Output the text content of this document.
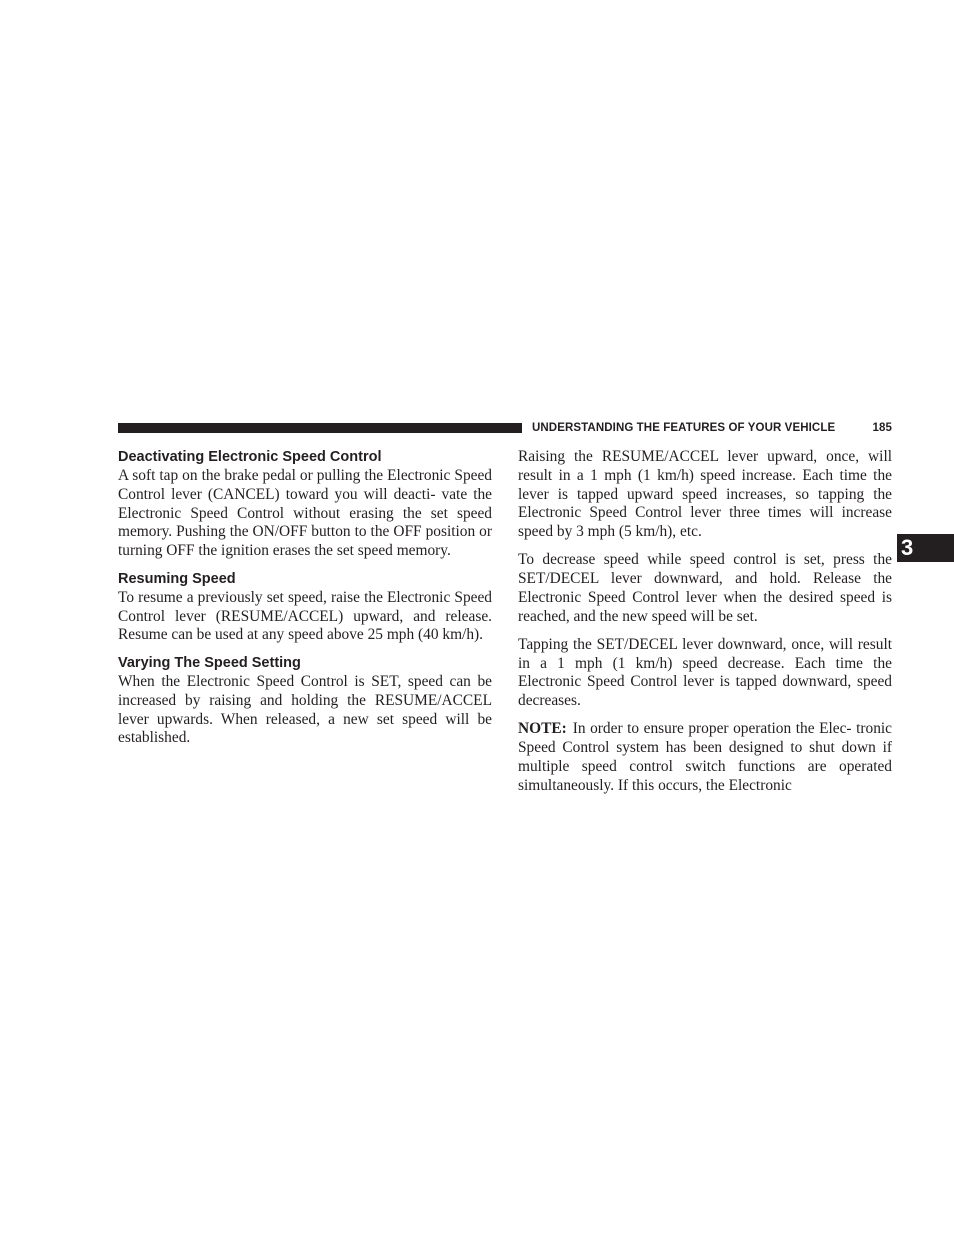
UNDERSTANDING THE FEATURES OF YOUR VEHICLE	185
Deactivating Electronic Speed Control

A soft tap on the brake pedal or pulling the Electronic Speed Control lever (CANCEL) toward you will deacti- vate the Electronic Speed Control without erasing the set speed memory. Pushing the ON/OFF button to the OFF position or turning OFF the ignition erases the set speed memory.

Resuming Speed

To resume a previously set speed, raise the Electronic Speed Control lever (RESUME/ACCEL) upward, and release. Resume can be used at any speed above 25 mph (40 km/h).

Varying The Speed Setting

When the Electronic Speed Control is SET, speed can be increased by raising and holding the RESUME/ACCEL lever upwards. When released, a new set speed will be established.

Raising the RESUME/ACCEL lever upward, once, will result in a 1 mph (1 km/h) speed increase. Each time the lever is tapped upward speed increases, so tapping the Electronic Speed Control lever three times will increase speed by 3 mph (5 km/h), etc.

To decrease speed while speed control is set, press the SET/DECEL lever downward, and hold. Release the Electronic Speed Control lever when the desired speed is reached, and the new speed will be set.

Tapping the SET/DECEL lever downward, once, will result in a 1 mph (1 km/h) speed decrease. Each time the Electronic Speed Control lever is tapped downward, speed decreases.

NOTE: In order to ensure proper operation the Elec- tronic Speed Control system has been designed to shut down if multiple speed control switch functions are operated simultaneously. If this occurs, the Electronic

3
